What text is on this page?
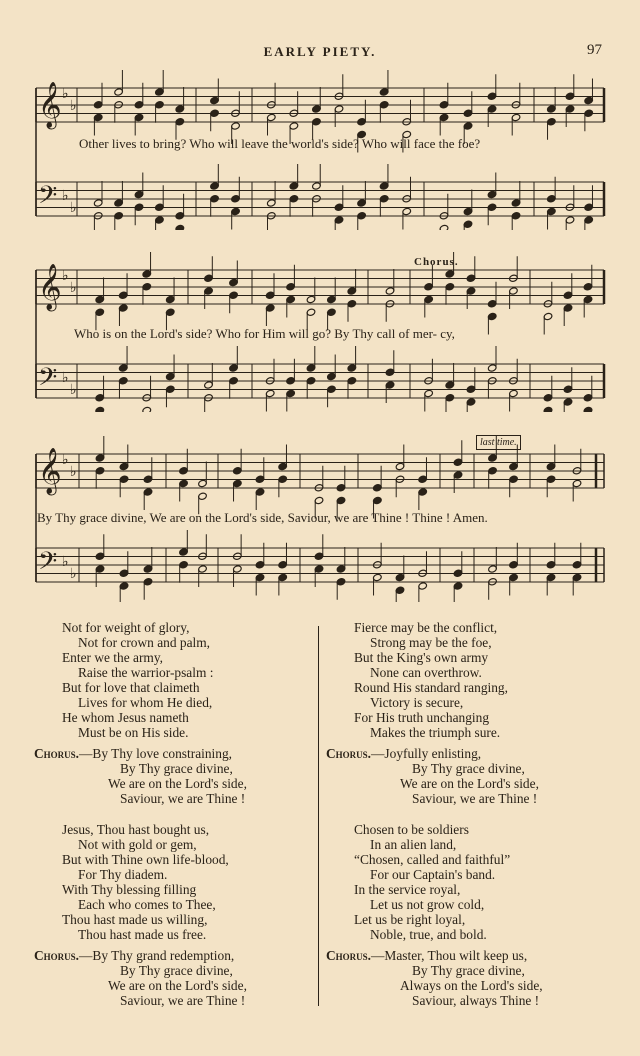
EARLY PIETY.	97
𝄞 ♭
♭
𝄢 ♭
♭
Other lives to bring? Who will leave the world's side? Who will face the foe?
𝄞 ♭
♭
𝄢 ♭
♭
Chorus.
Who is on the Lord's side? Who for Him will go? By Thy call of mer- cy,
𝄞 ♭
♭
𝄢 ♭
♭
last time.
By Thy grace divine, We are on the Lord's side, Saviour, we are Thine ! Thine ! Amen.
Not for weight of glory,
Not for crown and palm,
Enter we the army,
Raise the warrior-psalm :
But for love that claimeth
Lives for whom He died,
He whom Jesus nameth
Must be on His side.
Chorus.—By Thy love constraining,
By Thy grace divine,
We are on the Lord's side,
Saviour, we are Thine !
Jesus, Thou hast bought us,
Not with gold or gem,
But with Thine own life-blood,
For Thy diadem.
With Thy blessing filling
Each who comes to Thee,
Thou hast made us willing,
Thou hast made us free.
Chorus.—By Thy grand redemption,
By Thy grace divine,
We are on the Lord's side,
Saviour, we are Thine !
Fierce may be the conflict,
Strong may be the foe,
But the King's own army
None can overthrow.
Round His standard ranging,
Victory is secure,
For His truth unchanging
Makes the triumph sure.
Chorus.—Joyfully enlisting,
By Thy grace divine,
We are on the Lord's side,
Saviour, we are Thine !
Chosen to be soldiers
In an alien land,
“Chosen, called and faithful”
For our Captain's band.
In the service royal,
Let us not grow cold,
Let us be right loyal,
Noble, true, and bold.
Chorus.—Master, Thou wilt keep us,
By Thy grace divine,
Always on the Lord's side,
Saviour, always Thine !
